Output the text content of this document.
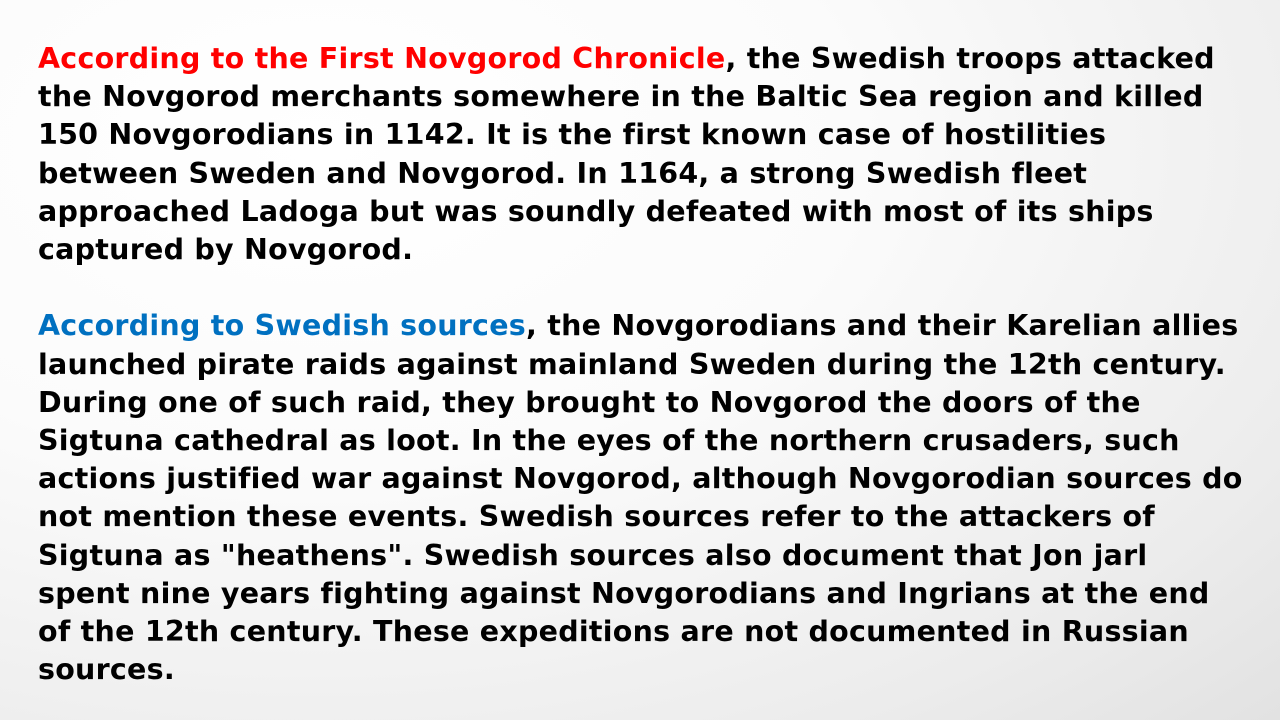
According to the First Novgorod Chronicle, the Swedish troops attacked the Novgorod merchants somewhere in the Baltic Sea region and killed 150 Novgorodians in 1142. It is the first known case of hostilities between Sweden and Novgorod. In 1164, a strong Swedish fleet approached Ladoga but was soundly defeated with most of its ships captured by Novgorod.

According to Swedish sources, the Novgorodians and their Karelian allies launched pirate raids against mainland Sweden during the 12th century. During one of such raid, they brought to Novgorod the doors of the Sigtuna cathedral as loot. In the eyes of the northern crusaders, such actions justified war against Novgorod, although Novgorodian sources do not mention these events. Swedish sources refer to the attackers of Sigtuna as "heathens". Swedish sources also document that Jon jarl spent nine years fighting against Novgorodians and Ingrians at the end of the 12th century. These expeditions are not documented in Russian sources.
